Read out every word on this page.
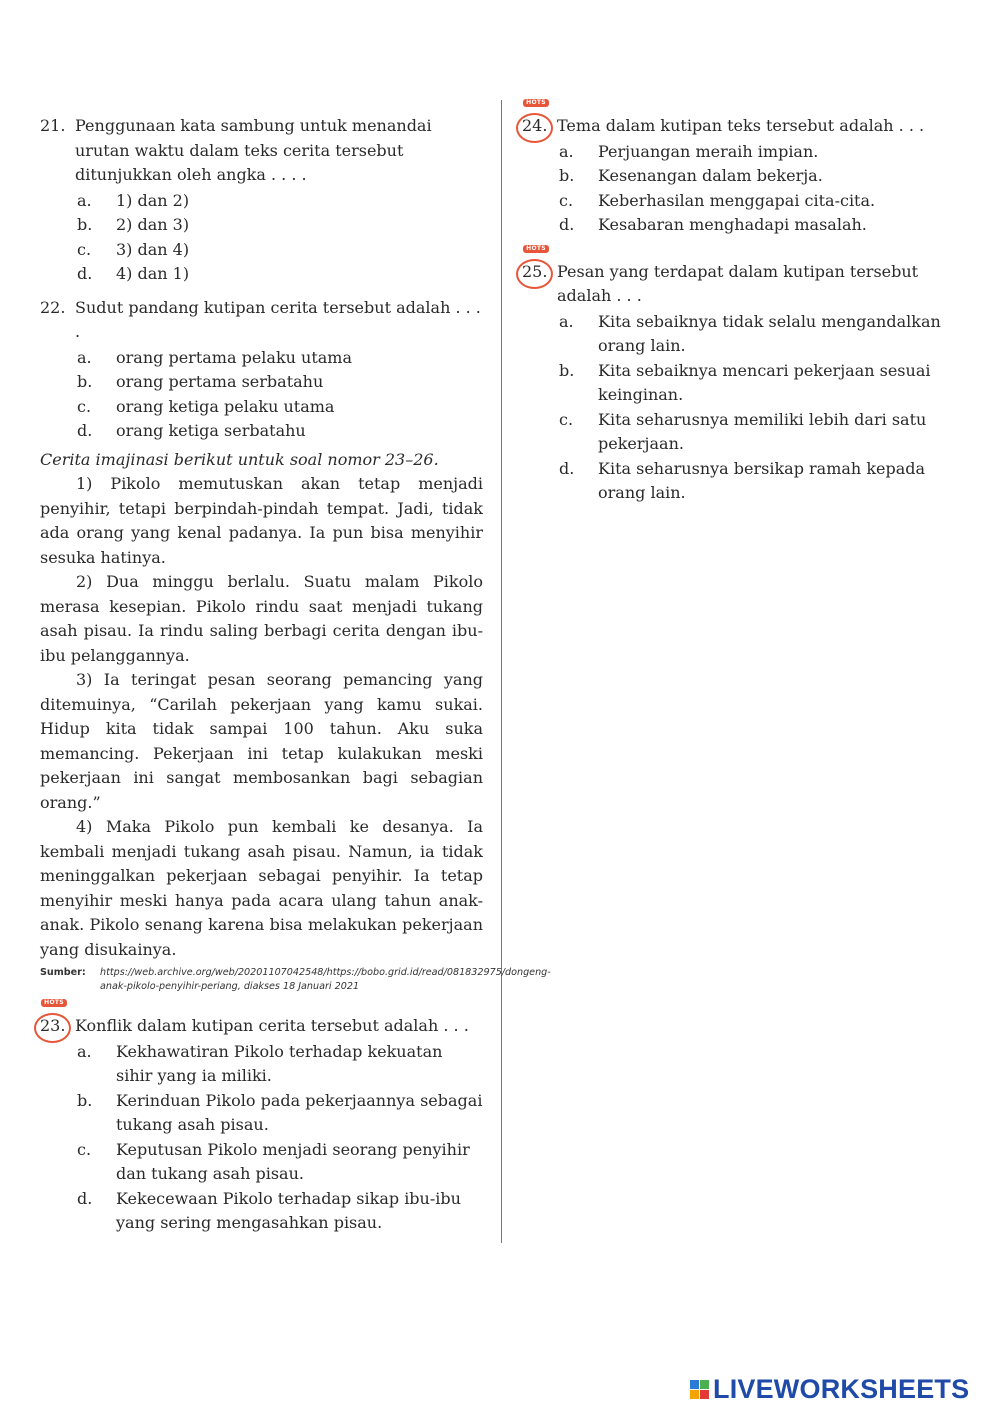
21. Penggunaan kata sambung untuk menandai urutan waktu dalam teks cerita tersebut ditunjukkan oleh angka . . . .
a.	1) dan 2)
b.	2) dan 3)
c.	3) dan 4)
d.	4) dan 1)
22. Sudut pandang kutipan cerita tersebut adalah . . . .
a.	orang pertama pelaku utama
b.	orang pertama serbatahu
c.	orang ketiga pelaku utama
d.	orang ketiga serbatahu
Cerita imajinasi berikut untuk soal nomor 23–26.
1) Pikolo memutuskan akan tetap menjadi penyihir, tetapi berpindah-pindah tempat. Jadi, tidak ada orang yang kenal padanya. Ia pun bisa menyihir sesuka hatinya.
2) Dua minggu berlalu. Suatu malam Pikolo merasa kesepian. Pikolo rindu saat menjadi tukang asah pisau. Ia rindu saling berbagi cerita dengan ibu-ibu pelanggannya.
3) Ia teringat pesan seorang pemancing yang ditemuinya, “Carilah pekerjaan yang kamu sukai. Hidup kita tidak sampai 100 tahun. Aku suka memancing. Pekerjaan ini tetap kulakukan meski pekerjaan ini sangat membosankan bagi sebagian orang.”
4) Maka Pikolo pun kembali ke desanya. Ia kembali menjadi tukang asah pisau. Namun, ia tidak meninggalkan pekerjaan sebagai penyihir. Ia tetap menyihir meski hanya pada acara ulang tahun anak-anak. Pikolo senang karena bisa melakukan pekerjaan yang disukainya.
Sumber:	https://web.archive.org/web/20201107042548/https://bobo.grid.id/read/081832975/dongeng-anak-pikolo-penyihir-periang, diakses 18 Januari 2021
HOTS
23. Konflik dalam kutipan cerita tersebut adalah . . .
a.	Kekhawatiran Pikolo terhadap kekuatan sihir yang ia miliki.
b.	Kerinduan Pikolo pada pekerjaannya sebagai tukang asah pisau.
c.	Keputusan Pikolo menjadi seorang penyihir dan tukang asah pisau.
d.	Kekecewaan Pikolo terhadap sikap ibu-ibu yang sering mengasahkan pisau.
HOTS
24. Tema dalam kutipan teks tersebut adalah . . .
a.	Perjuangan meraih impian.
b.	Kesenangan dalam bekerja.
c.	Keberhasilan menggapai cita-cita.
d.	Kesabaran menghadapi masalah.
HOTS
25. Pesan yang terdapat dalam kutipan tersebut adalah . . .
a.	Kita sebaiknya tidak selalu mengandalkan orang lain.
b.	Kita sebaiknya mencari pekerjaan sesuai keinginan.
c.	Kita seharusnya memiliki lebih dari satu pekerjaan.
d.	Kita seharusnya bersikap ramah kepada orang lain.
LIVEWORKSHEETS
